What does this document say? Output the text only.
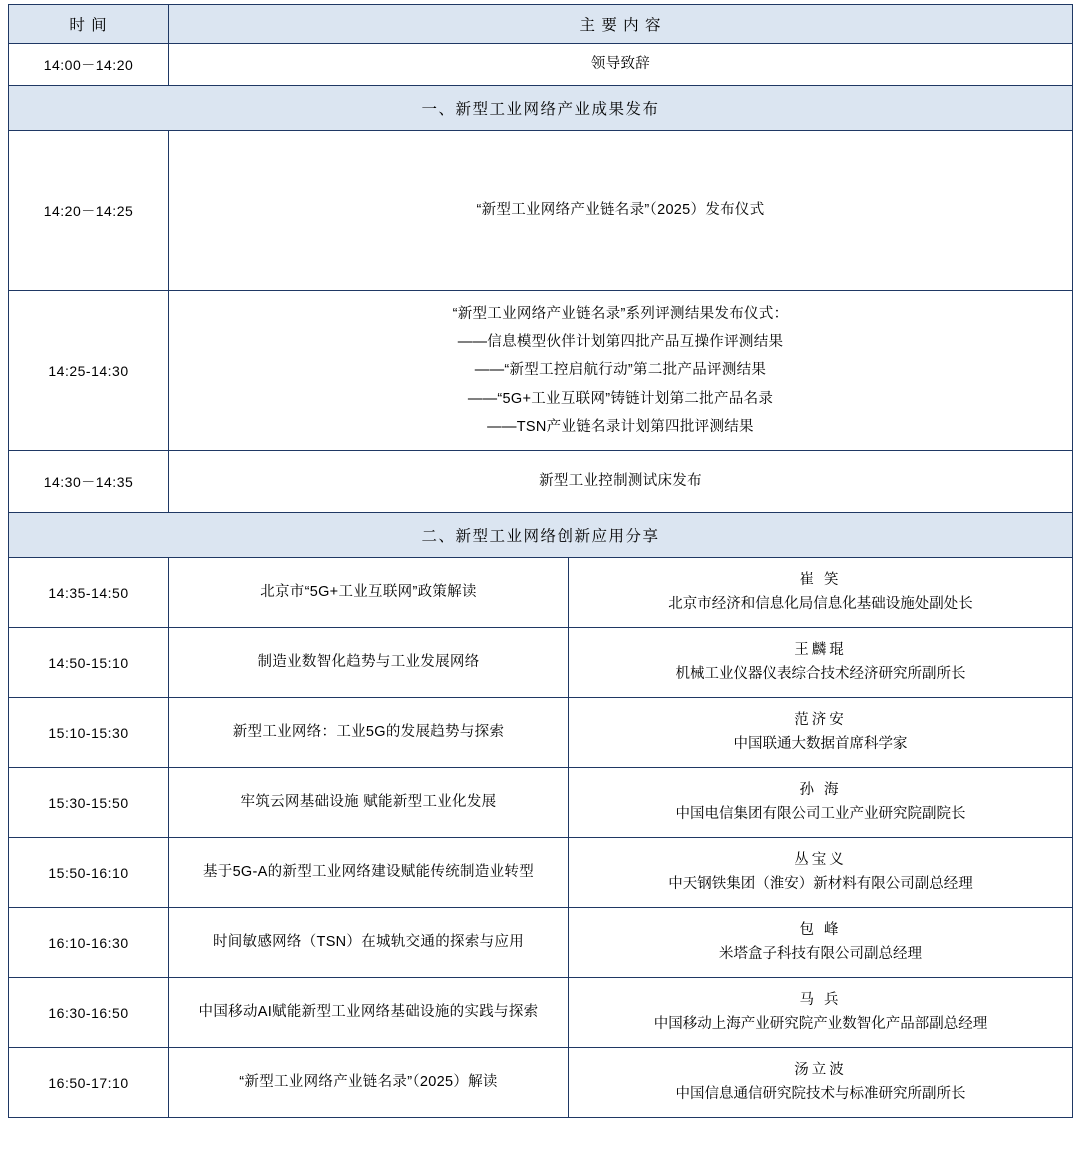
时 间	主 要 内 容	
14:00－14:20	领导致辞	
一、新型工业网络产业成果发布		
14:20－14:25	“新型工业网络产业链名录”（2025）发布仪式	
14:25-14:30	“新型工业网络产业链名录”系列评测结果发布仪式：
——信息模型伙伴计划第四批产品互操作评测结果
——“新型工控启航行动”第二批产品评测结果
——“5G+工业互联网”铸链计划第二批产品名录
——TSN产业链名录计划第四批评测结果	

14:30－14:35	新型工业控制测试床发布	
二、新型工业网络创新应用分享		
14:35-14:50	北京市“5G+工业互联网”政策解读	崔 笑
北京市经济和信息化局信息化基础设施处副处长

14:50-15:10	制造业数智化趋势与工业发展网络	王麟琨
机械工业仪器仪表综合技术经济研究所副所长

15:10-15:30	新型工业网络：工业5G的发展趋势与探索	范济安
中国联通大数据首席科学家

15:30-15:50	牢筑云网基础设施 赋能新型工业化发展	孙 海
中国电信集团有限公司工业产业研究院副院长

15:50-16:10	基于5G-A的新型工业网络建设赋能传统制造业转型	丛宝义
中天钢铁集团（淮安）新材料有限公司副总经理

16:10-16:30	时间敏感网络（TSN）在城轨交通的探索与应用	包 峰
米塔盒子科技有限公司副总经理

16:30-16:50	中国移动AI赋能新型工业网络基础设施的实践与探索	马 兵
中国移动上海产业研究院产业数智化产品部副总经理

16:50-17:10	“新型工业网络产业链名录”（2025）解读	汤立波
中国信息通信研究院技术与标准研究所副所长
